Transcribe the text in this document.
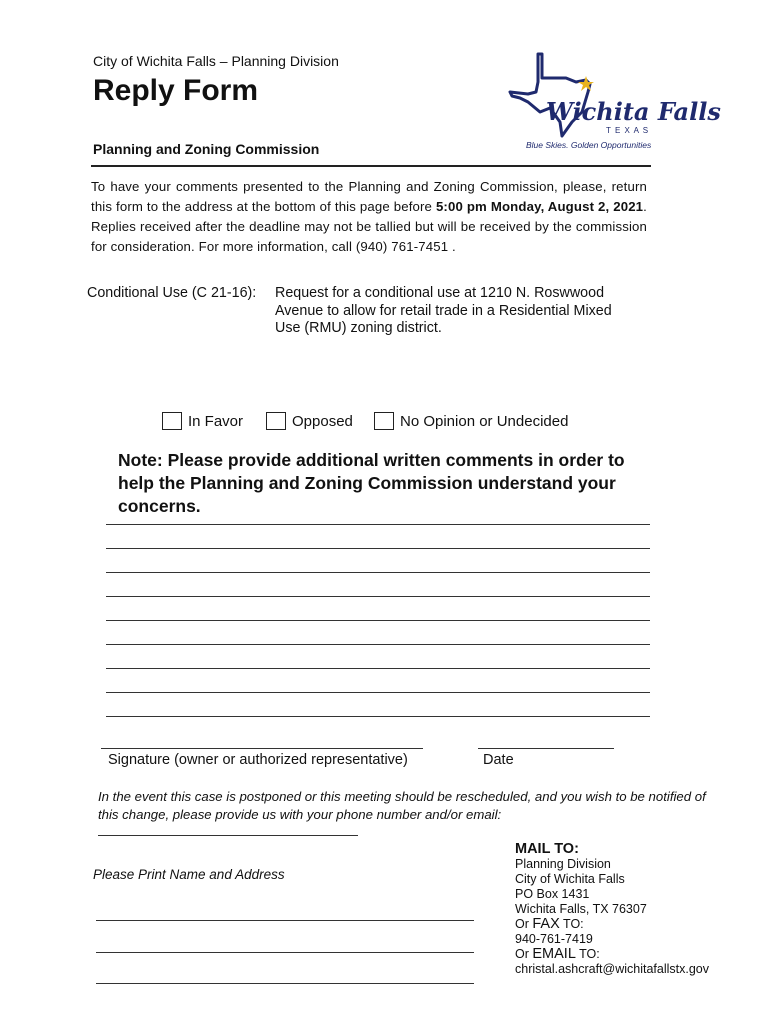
City of Wichita Falls – Planning Division
Reply Form
Planning and Zoning Commission
Wichita Falls
T E X A S
Blue Skies. Golden Opportunities
To have your comments presented to the Planning and Zoning Commission, please, return this form to the address at the bottom of this page before 5:00 pm Monday, August 2, 2021. Replies received after the deadline may not be tallied but will be received by the commission for consideration. For more information, call (940) 761-7451 .
Conditional Use (C 21-16): Request for a conditional use at 1210 N. Roswwood Avenue to allow for retail trade in a Residential Mixed Use (RMU) zoning district.
In Favor	Opposed	No Opinion or Undecided
Note: Please provide additional written comments in order to help the Planning and Zoning Commission understand your concerns.
Signature (owner or authorized representative)	Date
In the event this case is postponed or this meeting should be rescheduled, and you wish to be notified of this change, please provide us with your phone number and/or email:
Please Print Name and Address
MAIL TO:
Planning Division
City of Wichita Falls
PO Box 1431
Wichita Falls, TX 76307
Or FAX TO:
940-761-7419
Or EMAIL TO:
christal.ashcraft@wichitafallstx.gov
